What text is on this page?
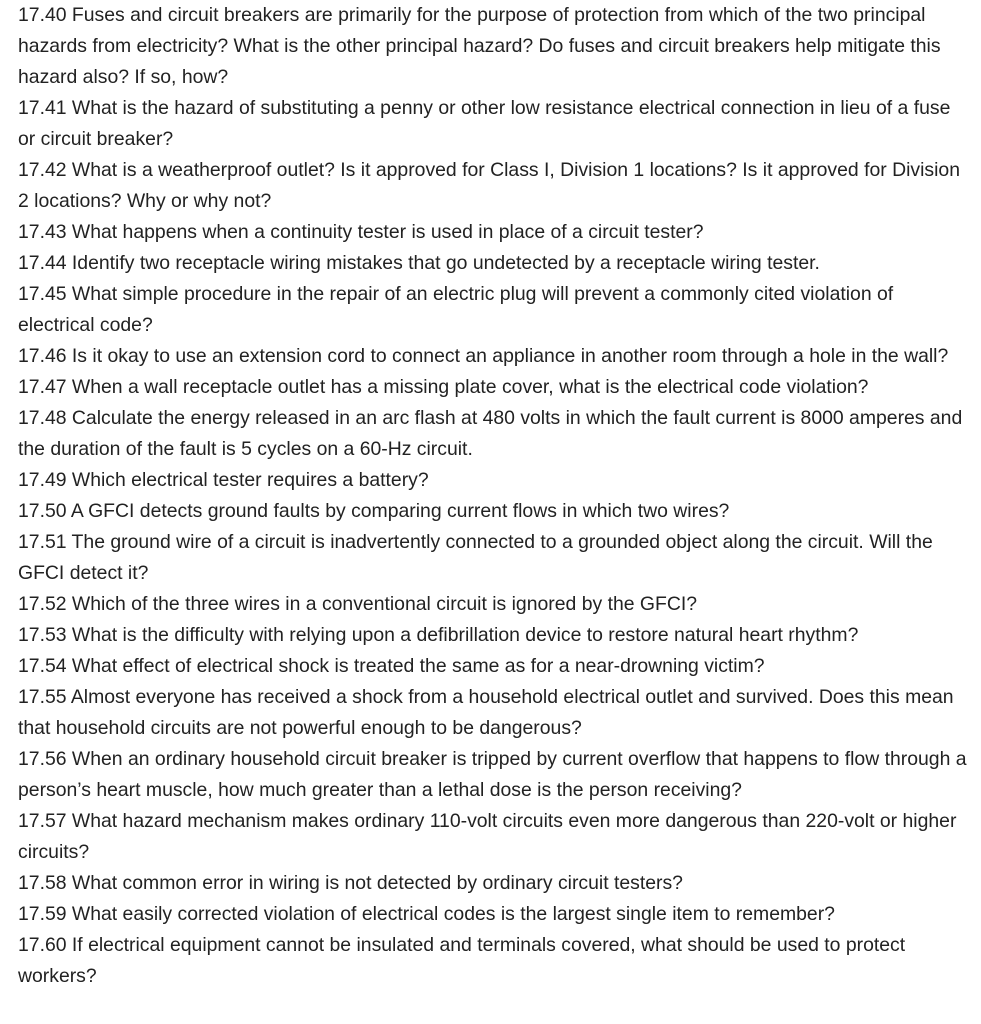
17.40 Fuses and circuit breakers are primarily for the purpose of protection from which of the two principal hazards from electricity? What is the other principal hazard? Do fuses and circuit breakers help mitigate this hazard also? If so, how?
17.41 What is the hazard of substituting a penny or other low resistance electrical connection in lieu of a fuse or circuit breaker?
17.42 What is a weatherproof outlet? Is it approved for Class I, Division 1 locations? Is it approved for Division 2 locations? Why or why not?
17.43 What happens when a continuity tester is used in place of a circuit tester?
17.44 Identify two receptacle wiring mistakes that go undetected by a receptacle wiring tester.
17.45 What simple procedure in the repair of an electric plug will prevent a commonly cited violation of electrical code?
17.46 Is it okay to use an extension cord to connect an appliance in another room through a hole in the wall?
17.47 When a wall receptacle outlet has a missing plate cover, what is the electrical code violation?
17.48 Calculate the energy released in an arc flash at 480 volts in which the fault current is 8000 amperes and the duration of the fault is 5 cycles on a 60-Hz circuit.
17.49 Which electrical tester requires a battery?
17.50 A GFCI detects ground faults by comparing current flows in which two wires?
17.51 The ground wire of a circuit is inadvertently connected to a grounded object along the circuit. Will the GFCI detect it?
17.52 Which of the three wires in a conventional circuit is ignored by the GFCI?
17.53 What is the difficulty with relying upon a defibrillation device to restore natural heart rhythm?
17.54 What effect of electrical shock is treated the same as for a near-drowning victim?
17.55 Almost everyone has received a shock from a household electrical outlet and survived. Does this mean that household circuits are not powerful enough to be dangerous?
17.56 When an ordinary household circuit breaker is tripped by current overflow that happens to flow through a person’s heart muscle, how much greater than a lethal dose is the person receiving?
17.57 What hazard mechanism makes ordinary 110-volt circuits even more dangerous than 220-volt or higher circuits?
17.58 What common error in wiring is not detected by ordinary circuit testers?
17.59 What easily corrected violation of electrical codes is the largest single item to remember?
17.60 If electrical equipment cannot be insulated and terminals covered, what should be used to protect workers?
